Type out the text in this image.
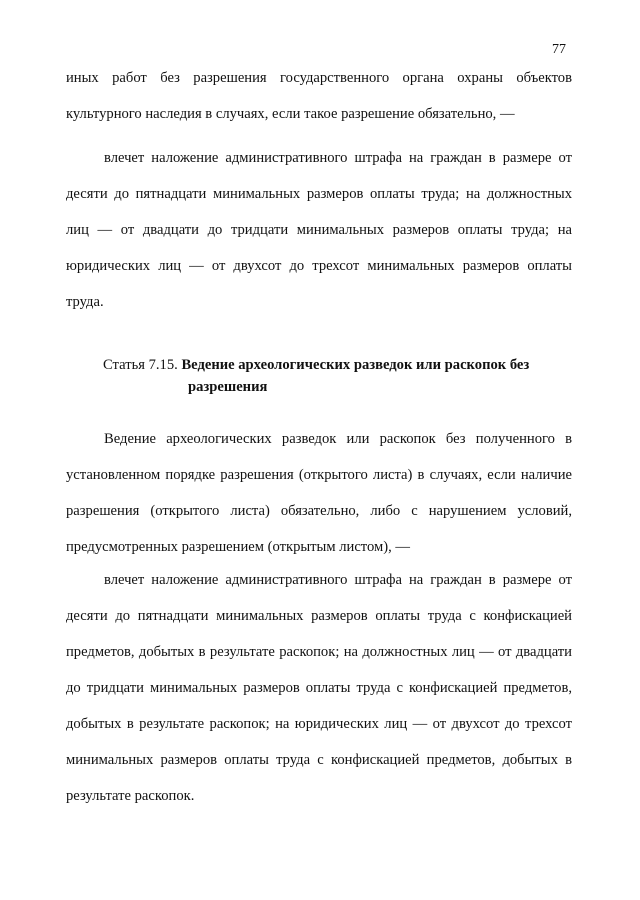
77

иных работ без разрешения государственного органа охраны объектов культурного наследия в случаях, если такое разрешение обязательно, —

влечет наложение административного штрафа на граждан в размере от десяти до пятнадцати минимальных размеров оплаты труда; на должностных лиц — от двадцати до тридцати минимальных размеров оплаты труда; на юридических лиц — от двухсот до трехсот минимальных размеров оплаты труда.

Статья 7.15. Ведение археологических разведок или раскопок без
разрешения

Ведение археологических разведок или раскопок без полученного в установленном порядке разрешения (открытого листа) в случаях, если наличие разрешения (открытого листа) обязательно, либо с нарушением условий, предусмотренных разрешением (открытым листом), —

влечет наложение административного штрафа на граждан в размере от десяти до пятнадцати минимальных размеров оплаты труда с конфискацией предметов, добытых в результате раскопок; на должностных лиц — от двадцати до тридцати минимальных размеров оплаты труда с конфискацией предметов, добытых в результате раскопок; на юридических лиц — от двухсот до трехсот минимальных размеров оплаты труда с конфискацией предметов, добытых в результате раскопок.
